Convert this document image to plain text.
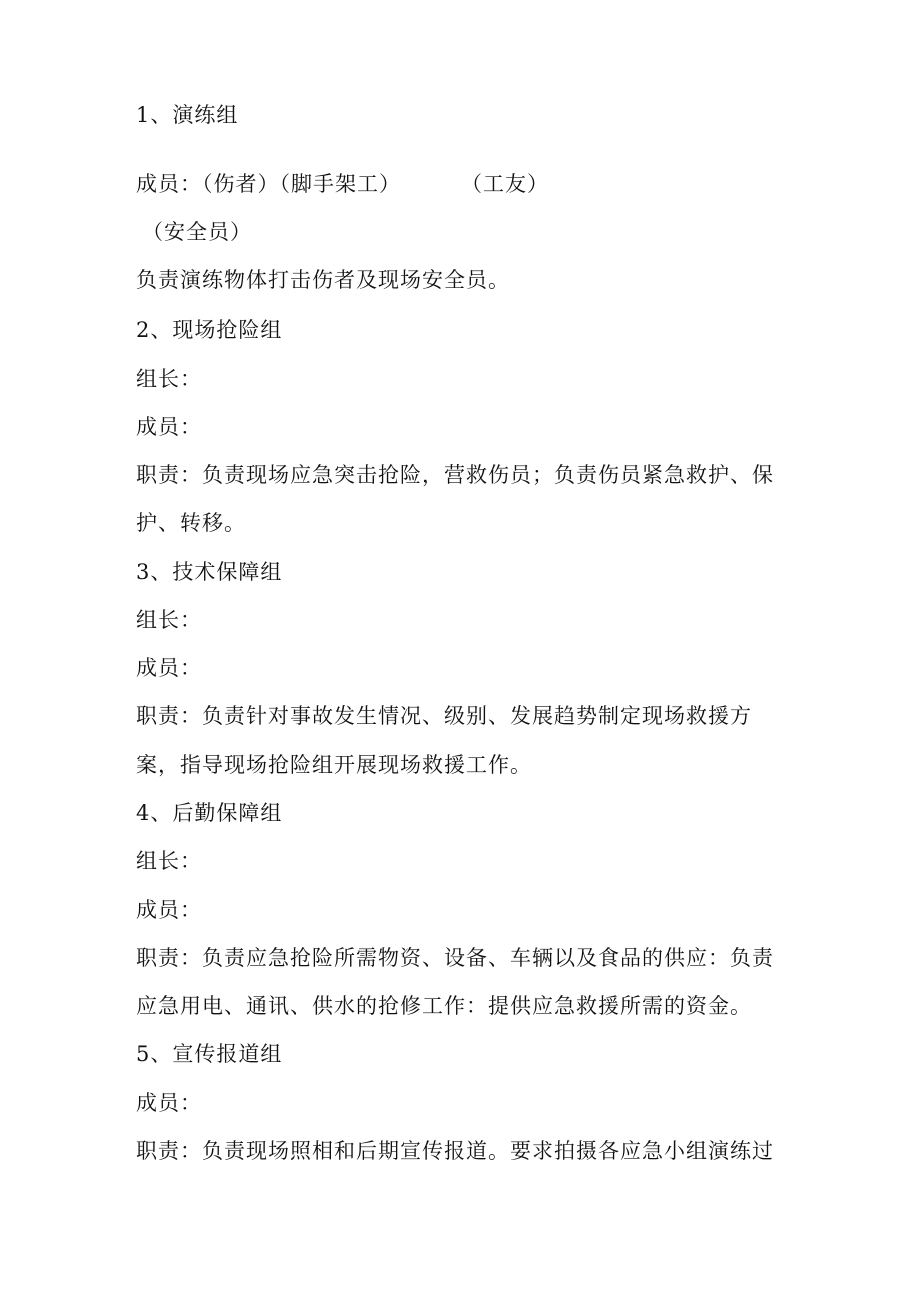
1、演练组
成员：（伤者）（脚手架工）	（工友）
（安全员）
负责演练物体打击伤者及现场安全员。
2、现场抢险组
组长：
成员：
职责：负责现场应急突击抢险，营救伤员；负责伤员紧急救护、保
护、转移。
3、技术保障组
组长：
成员：
职责：负责针对事故发生情况、级别、发展趋势制定现场救援方
案，指导现场抢险组开展现场救援工作。
4、后勤保障组
组长：
成员：
职责：负责应急抢险所需物资、设备、车辆以及食品的供应：负责
应急用电、通讯、供水的抢修工作：提供应急救援所需的资金。
5、宣传报道组
成员：
职责：负责现场照相和后期宣传报道。要求拍摄各应急小组演练过
